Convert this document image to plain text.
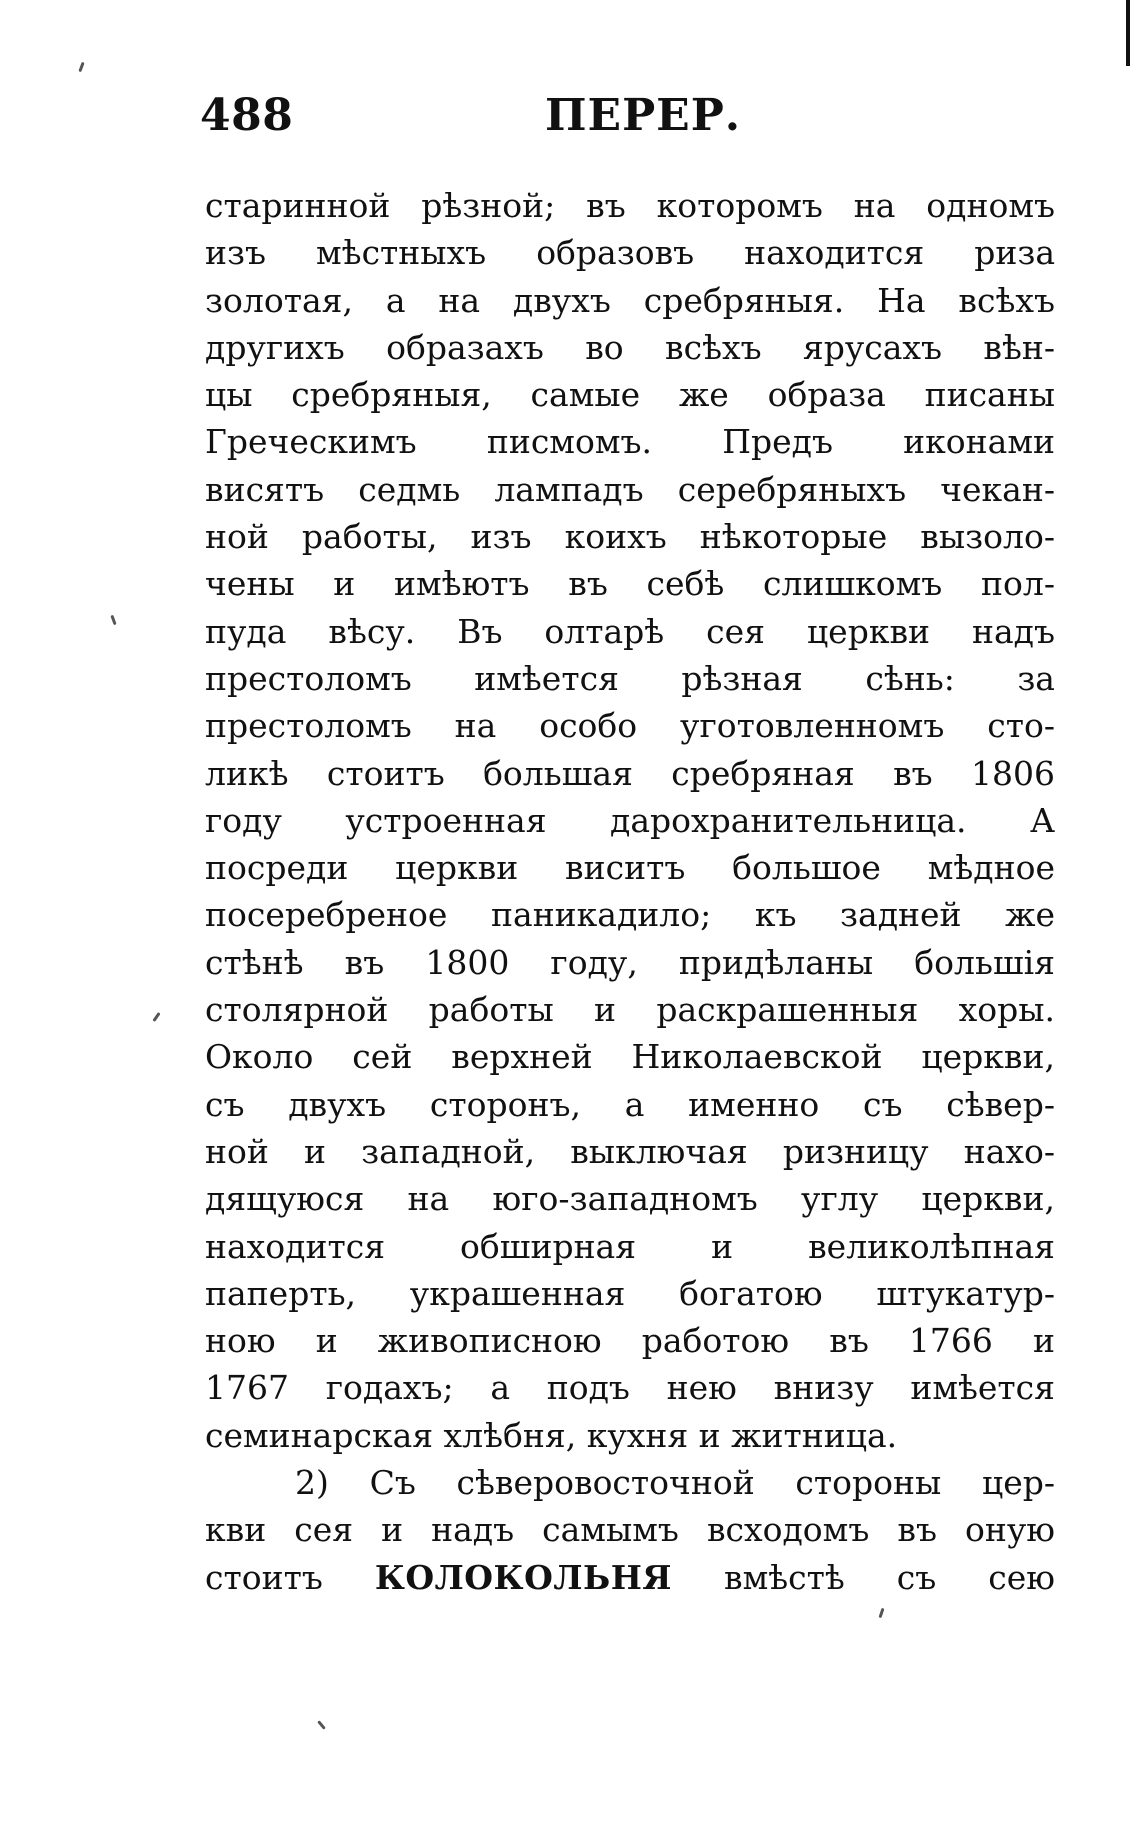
488	ПЕРЕР.
старинной рѣзной; въ которомъ на одномъ
изъ мѣстныхъ образовъ находится риза
золотая, а на двухъ сребряныя. На всѣхъ
другихъ образахъ во всѣхъ ярусахъ вѣн-
цы сребряныя, самые же образа писаны
Греческимъ писмомъ. Предъ иконами
висятъ седмь лампадъ серебряныхъ чекан-
ной работы, изъ коихъ нѣкоторые вызоло-
чены и имѣютъ въ себѣ слишкомъ пол-
пуда вѣсу. Въ олтарѣ сея церкви надъ
престоломъ имѣется рѣзная сѣнь: за
престоломъ на особо уготовленномъ сто-
ликѣ стоитъ большая сребряная въ 1806
году устроенная дарохранительница. А
посреди церкви виситъ большое мѣдное
посеребреное паникадило; къ задней же
стѣнѣ въ 1800 году, придѣланы большія
столярной работы и раскрашенныя хоры.
Около сей верхней Николаевской церкви,
съ двухъ сторонъ, а именно съ сѣвер-
ной и западной, выключая ризницу нахо-
дящуюся на юго-западномъ углу церкви,
находится обширная и великолѣпная
паперть, украшенная богатою штукатур-
ною и живописною работою въ 1766 и
1767 годахъ; а подъ нею внизу имѣется
семинарская хлѣбня, кухня и житница.
2) Съ сѣверовосточной стороны цер-
кви сея и надъ самымъ всходомъ въ оную
стоитъ КОЛОКОЛЬНЯ вмѣстѣ съ сею
